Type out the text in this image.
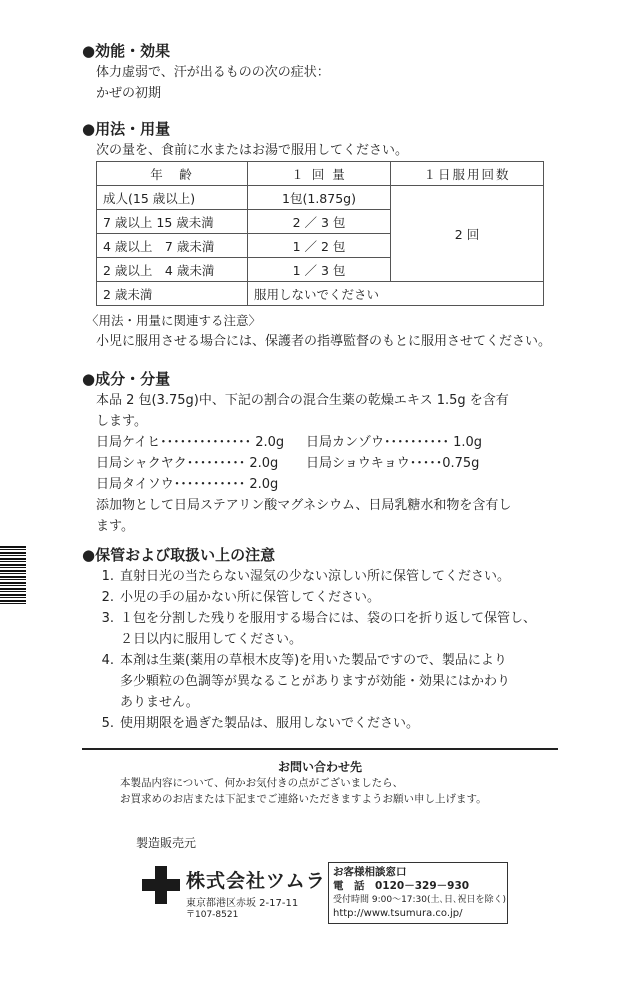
●効能・効果
体力虚弱で、汗が出るものの次の症状：
かぜの初期
●用法・用量
次の量を、食前に水またはお湯で服用してください。
年　齢	１ 回 量	１日服用回数
成人(15 歳以上)	1包(1.875g)	2 回
7 歳以上 15 歳未満	2 ／ 3 包	
4 歳以上　7 歳未満	1 ／ 2 包	
2 歳以上　4 歳未満	1 ／ 3 包	
2 歳未満	服用しないでください	
〈用法・用量に関連する注意〉
小児に服用させる場合には、保護者の指導監督のもとに服用させてください。
●成分・分量
本品 2 包(3.75g)中、下記の割合の混合生薬の乾燥エキス 1.5g を含有
します。
日局ケイヒ･･････････････ 2.0g	日局カンゾウ･･････････ 1.0g
日局シャクヤク･････････ 2.0g	日局ショウキョウ･････0.75g
日局タイソウ･･･････････ 2.0g
添加物として日局ステアリン酸マグネシウム、日局乳糖水和物を含有し
ます。
●保管および取扱い上の注意
1. 直射日光の当たらない湿気の少ない涼しい所に保管してください。
2. 小児の手の届かない所に保管してください。
3. １包を分割した残りを服用する場合には、袋の口を折り返して保管し、
２日以内に服用してください。
4. 本剤は生薬(薬用の草根木皮等)を用いた製品ですので、製品により
多少顆粒の色調等が異なることがありますが効能・効果にはかわり
ありません。
5. 使用期限を過ぎた製品は、服用しないでください。
お問い合わせ先
本製品内容について、何かお気付きの点がございましたら、
お買求めのお店または下記までご連絡いただきますようお願い申し上げます。
製造販売元
株式会社ツムラ
東京都港区赤坂 2-17-11
〒107-8521
お客様相談窓口
電　話　0120－329－930
受付時間 9:00～17:30(土､日､祝日を除く)
http://www.tsumura.co.jp/
